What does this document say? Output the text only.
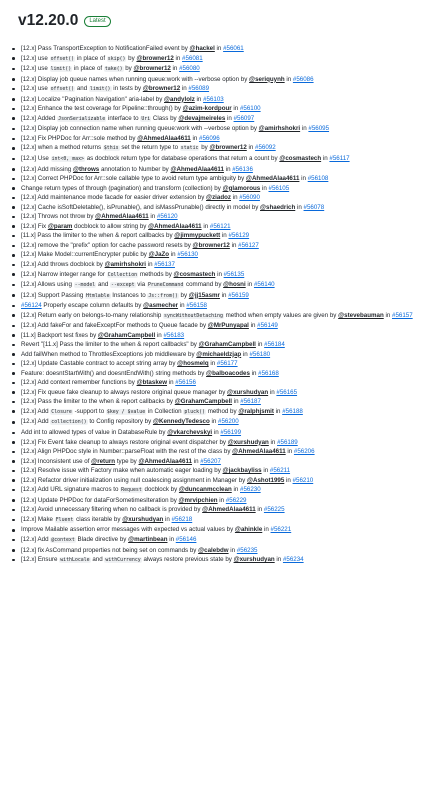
v12.20.0	Latest
[12.x] Pass TransportException to NotificationFailed event by @hackel in #56061
[12.x] use offset() in place of skip() by @browner12 in #56081
[12.x] use limit() in place of take() by @browner12 in #56080
[12.x] Display job queue names when running queue:work with --verbose option by @seriquynh in #56086
[12.x] use offset() and limit() in tests by @browner12 in #56089
[12.x] Localize "Pagination Navigation" aria-label by @andylolz in #56103
[12.x] Enhance the test coverage for Pipeline::through() by @azim-kordpour in #56100
[12.x] Added JsonSerializable interface to Uri Class by @devajmeireles in #56097
[12.x] Display job connection name when running queue:work with --verbose option by @amirhshokri in #56095
[12.x] Fix PHPDoc for Arr::sole method by @AhmedAlaa4611 in #56096
[12.x] when a method returns $this set the return type to static by @browner12 in #56092
[12.x] Use int<0, max> as docblock return type for database operations that return a count by @cosmastech in #56117
[12.x] Add missing @throws annotation to Number by @AhmedAlaa4611 in #56136
[12.x] Correct PHPDoc for Arr::sole callable type to avoid return type ambiguity by @AhmedAlaa4611 in #56108
Change return types of through (pagination) and transform (collection) by @glamorous in #56105
[12.x] Add maintenance mode facade for easier driver extension by @ziadoz in #56090
[12.x] Cache isSoftDeletable(), isPrunable(), and isMassPrunable() directly in model by @shaedrich in #56078
[12.x] Throws not throw by @AhmedAlaa4611 in #56120
[12.x] Fix @param docblock to allow string by @AhmedAlaa4611 in #56121
[11.x] Pass the limiter to the when & report callbacks by @jimmypuckett in #56129
[12.x] remove the "prefix" option for cache password resets by @browner12 in #56127
[12.x] Make Model::currentEncrypter public by @JaZo in #56130
[12.x] Add throws docblock by @amirhshokri in #56137
[12.x] Narrow integer range for Collection methods by @cosmastech in #56135
[12.x] Allows using --model and --except via PruneCommand command by @hosni in #56140
[12.x] Support Passing Htmlable Instances to Js::from() by @jj15asmr in #56159
#56124 Properly escape column defaults by @asmecher in #56158
[12.x] Return early on belongs-to-many relationship syncWithoutDetaching method when empty values are given by @stevebauman in #56157
[12.x] Add fakeFor and fakeExceptFor methods to Queue facade by @MrPunyapal in #56149
[11.x] Backport test fixes by @GrahamCampbell in #56183
Revert "[11.x] Pass the limiter to the when & report callbacks" by @GrahamCampbell in #56184
Add failWhen method to ThrottlesExceptions job middleware by @michaeldzjap in #56180
[12.x] Update Castable contract to accept string array by @hosmelq in #56177
Feature: doesntStartWith() and doesntEndWith() string methods by @balboacodes in #56168
[12.x] Add context remember functions by @btaskew in #56156
[12.x] Fix queue fake cleanup to always restore original queue manager by @xurshudyan in #56165
[12.x] Pass the limiter to the when & report callbacks by @GrahamCampbell in #56187
[12.x] Add Closure -support to $key / $value in Collection pluck() method by @ralphjsmit in #56188
[12.x] Add collection() to Config repository by @KennedyTedesco in #56200
Add int to allowed types of value in DatabaseRule by @vkarchevskyi in #56199
[12.x] Fix Event fake cleanup to always restore original event dispatcher by @xurshudyan in #56189
[12.x] Align PHPDoc style in Number::parseFloat with the rest of the class by @AhmedAlaa4611 in #56206
[12.x] Inconsistent use of @return type by @AhmedAlaa4611 in #56207
[12.x] Resolve issue with Factory make when automatic eager loading by @jackbayliss in #56211
[12.x] Refactor driver initialization using null coalescing assignment in Manager by @Ashot1995 in #56210
[12.x] Add URL signature macros to Request docblock by @duncanmcclean in #56230
[12.x] Update PHPDoc for dataForSometimesIteration by @mrvipchien in #56229
[12.x] Avoid unnecessary filtering when no callback is provided by @AhmedAlaa4611 in #56225
[12.x] Make Fluent class iterable by @xurshudyan in #56218
Improve Mailable assertion error messages with expected vs actual values by @ahinkle in #56221
[12.x] Add @context Blade directive by @martinbean in #56146
[12.x] fix AsCommand properties not being set on commands by @calebdw in #56235
[12.x] Ensure withLocale and withCurrency always restore previous state by @xurshudyan in #56234
